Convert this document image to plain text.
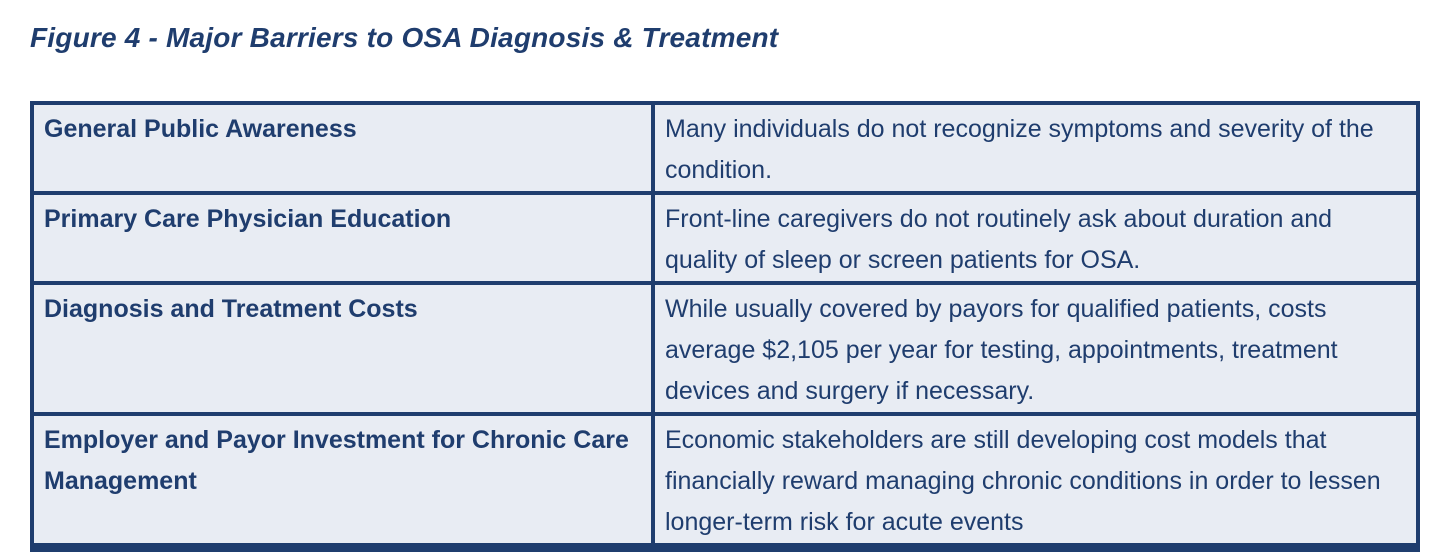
Figure 4 - Major Barriers to OSA Diagnosis & Treatment
General Public Awareness	Many individuals do not recognize symptoms and severity of the condition.
Primary Care Physician Education	Front-line caregivers do not routinely ask about duration and quality of sleep or screen patients for OSA.
Diagnosis and Treatment Costs	While usually covered by payors for qualified patients, costs average $2,105 per year for testing, appointments, treatment devices and surgery if necessary.
Employer and Payor Investment for Chronic Care Management	Economic stakeholders are still developing cost models that financially reward managing chronic conditions in order to lessen longer-term risk for acute events
